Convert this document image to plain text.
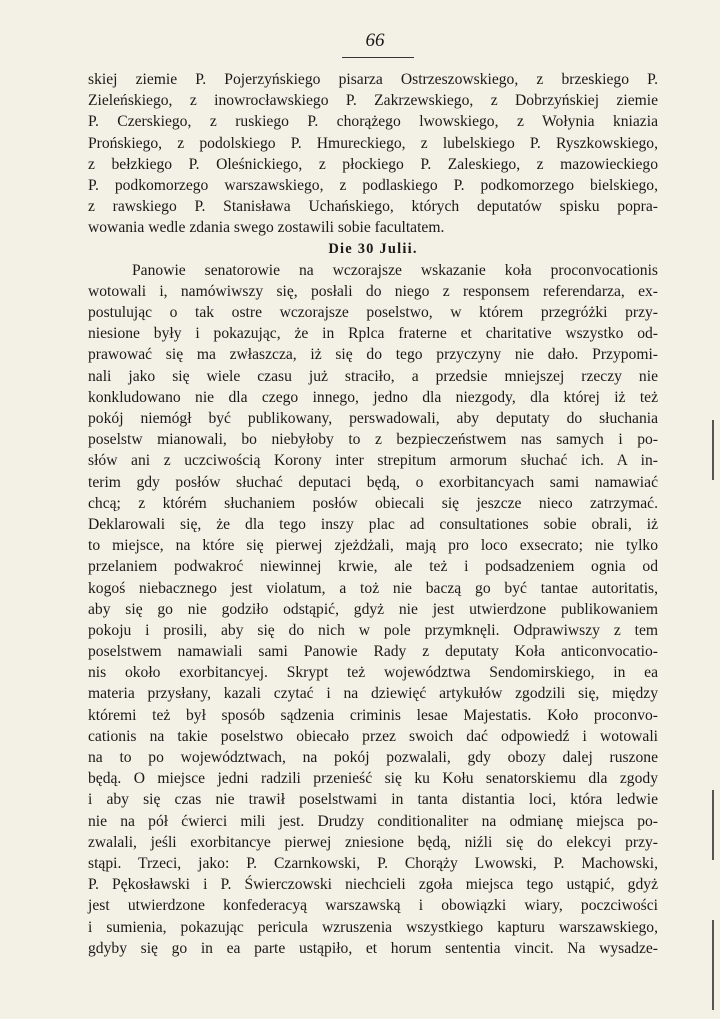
66
skiej ziemie P. Pojerzyńskiego pisarza Ostrzeszowskiego, z brzeskiego P.
Zieleńskiego, z inowrocławskiego P. Zakrzewskiego, z Dobrzyńskiej ziemie
P. Czerskiego, z ruskiego P. chorążego lwowskiego, z Wołynia kniazia
Prońskiego, z podolskiego P. Hmureckiego, z lubelskiego P. Ryszkowskiego,
z bełzkiego P. Oleśnickiego, z płockiego P. Zaleskiego, z mazowieckiego
P. podkomorzego warszawskiego, z podlaskiego P. podkomorzego bielskiego,
z rawskiego P. Stanisława Uchańskiego, których deputatów spisku popra-
wowania wedle zdania swego zostawili sobie facultatem.
Die 30 Julii.
Panowie senatorowie na wczorajsze wskazanie koła proconvocationis
wotowali i, namówiwszy się, posłali do niego z responsem referendarza, ex-
postulując o tak ostre wczorajsze poselstwo, w którem przegróżki przy-
niesione były i pokazując, że in Rplca fraterne et charitative wszystko od-
prawować się ma zwłaszcza, iż się do tego przyczyny nie dało. Przypomi-
nali jako się wiele czasu już straciło, a przedsie mniejszej rzeczy nie
konkludowano nie dla czego innego, jedno dla niezgody, dla której iż też
pokój niemógł być publikowany, perswadowali, aby deputaty do słuchania
poselstw mianowali, bo niebyłoby to z bezpieczeństwem nas samych i po-
słów ani z uczciwością Korony inter strepitum armorum słuchać ich. A in-
terim gdy posłów słuchać deputaci będą, o exorbitancyach sami namawiać
chcą; z którém słuchaniem posłów obiecali się jeszcze nieco zatrzymać.
Deklarowali się, że dla tego inszy plac ad consultationes sobie obrali, iż
to miejsce, na które się pierwej zjeżdżali, mają pro loco exsecrato; nie tylko
przelaniem podwakroć niewinnej krwie, ale też i podsadzeniem ognia od
kogoś niebacznego jest violatum, a toż nie baczą go być tantae autoritatis,
aby się go nie godziło odstąpić, gdyż nie jest utwierdzone publikowaniem
pokoju i prosili, aby się do nich w pole przymknęli. Odprawiwszy z tem
poselstwem namawiali sami Panowie Rady z deputaty Koła anticonvocatio-
nis około exorbitancyej. Skrypt też województwa Sendomirskiego, in ea
materia przysłany, kazali czytać i na dziewięć artykułów zgodzili się, między
któremi też był sposób sądzenia criminis lesae Majestatis. Koło proconvo-
cationis na takie poselstwo obiecało przez swoich dać odpowiedź i wotowali
na to po województwach, na pokój pozwalali, gdy obozy dalej ruszone
będą. O miejsce jedni radzili przenieść się ku Kołu senatorskiemu dla zgody
i aby się czas nie trawił poselstwami in tanta distantia loci, która ledwie
nie na pół ćwierci mili jest. Drudzy conditionaliter na odmianę miejsca po-
zwalali, jeśli exorbitancye pierwej zniesione będą, niźli się do elekcyi przy-
stąpi. Trzeci, jako: P. Czarnkowski, P. Chorąży Lwowski, P. Machowski,
P. Pękosławski i P. Świerczowski niechcieli zgoła miejsca tego ustąpić, gdyż
jest utwierdzone konfederacyą warszawską i obowiązki wiary, poczciwości
i sumienia, pokazując pericula wzruszenia wszystkiego kapturu warszawskiego,
gdyby się go in ea parte ustąpiło, et horum sententia vincit. Na wysadze-
